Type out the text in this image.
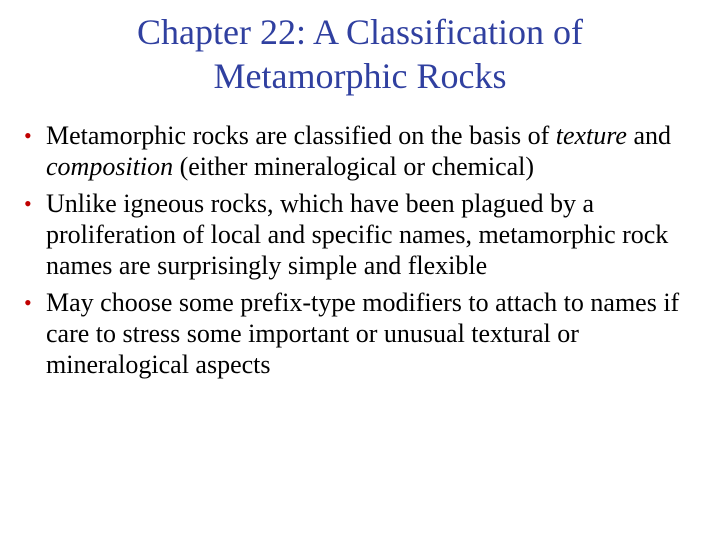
Chapter 22: A Classification of
Metamorphic Rocks
• Metamorphic rocks are classified on the basis of texture and composition (either mineralogical or chemical)
• Unlike igneous rocks, which have been plagued by a proliferation of local and specific names, metamorphic rock names are surprisingly simple and flexible
• May choose some prefix-type modifiers to attach to names if care to stress some important or unusual textural or mineralogical aspects
